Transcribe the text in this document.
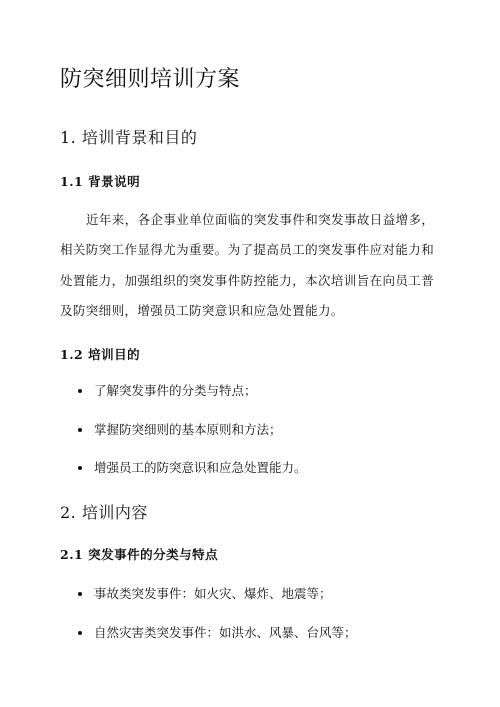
防突细则培训方案
1. 培训背景和目的
1.1 背景说明
近年来，各企事业单位面临的突发事件和突发事故日益增多，
相关防突工作显得尤为重要。为了提高员工的突发事件应对能力和
处置能力，加强组织的突发事件防控能力，本次培训旨在向员工普
及防突细则，增强员工防突意识和应急处置能力。
1.2 培训目的
了解突发事件的分类与特点；
掌握防突细则的基本原则和方法；
增强员工的防突意识和应急处置能力。
2. 培训内容
2.1 突发事件的分类与特点
事故类突发事件：如火灾、爆炸、地震等；
自然灾害类突发事件：如洪水、风暴、台风等；
